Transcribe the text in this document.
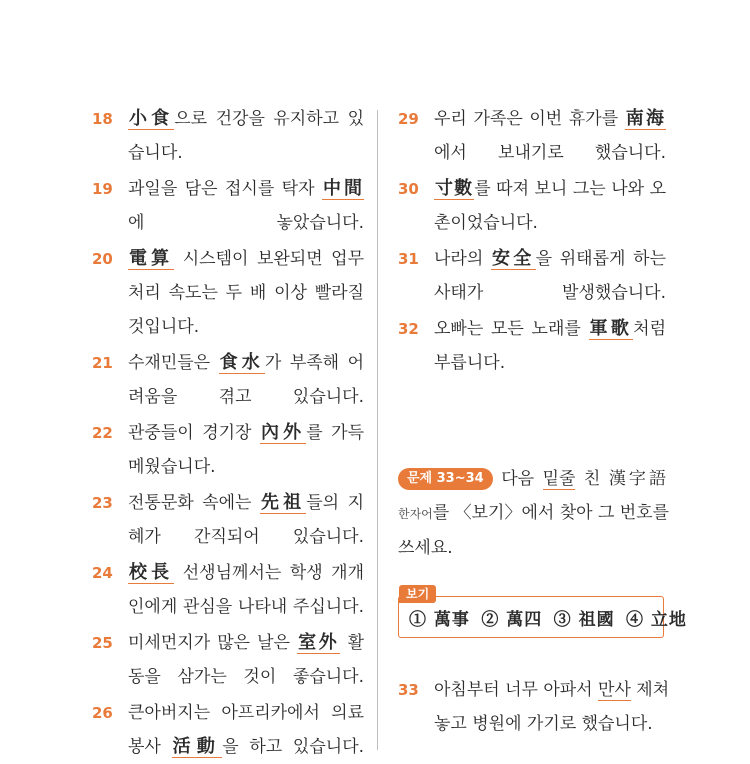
18 小食으로 건강을 유지하고 있
습니다.
19 과일을 담은 접시를 탁자 中間
에 놓았습니다.
20 電算 시스템이 보완되면 업무
처리 속도는 두 배 이상 빨라질
것입니다.
21 수재민들은 食水가 부족해 어
려움을 겪고 있습니다.
22 관중들이 경기장 內外를 가득
메웠습니다.
23 전통문화 속에는 先祖들의 지
혜가 간직되어 있습니다.
24 校長 선생님께서는 학생 개개
인에게 관심을 나타내 주십니다.
25 미세먼지가 많은 날은 室外 활
동을 삼가는 것이 좋습니다.
26 큰아버지는 아프리카에서 의료
봉사 活動을 하고 있습니다.
문제 33~34 다음 밑줄 친 漢字語
한자어를 〈보기〉에서 찾아 그 번호를
쓰세요.
보기
① 萬事 ② 萬四 ③ 祖國 ④ 立地
33 아침부터 너무 아파서 만사 제쳐
놓고 병원에 가기로 했습니다.
29 우리 가족은 이번 휴가를 南海
에서 보내기로 했습니다.
30 寸數를 따져 보니 그는 나와 오
촌이었습니다.
31 나라의 安全을 위태롭게 하는
사태가 발생했습니다.
32 오빠는 모든 노래를 軍歌처럼
부릅니다.
